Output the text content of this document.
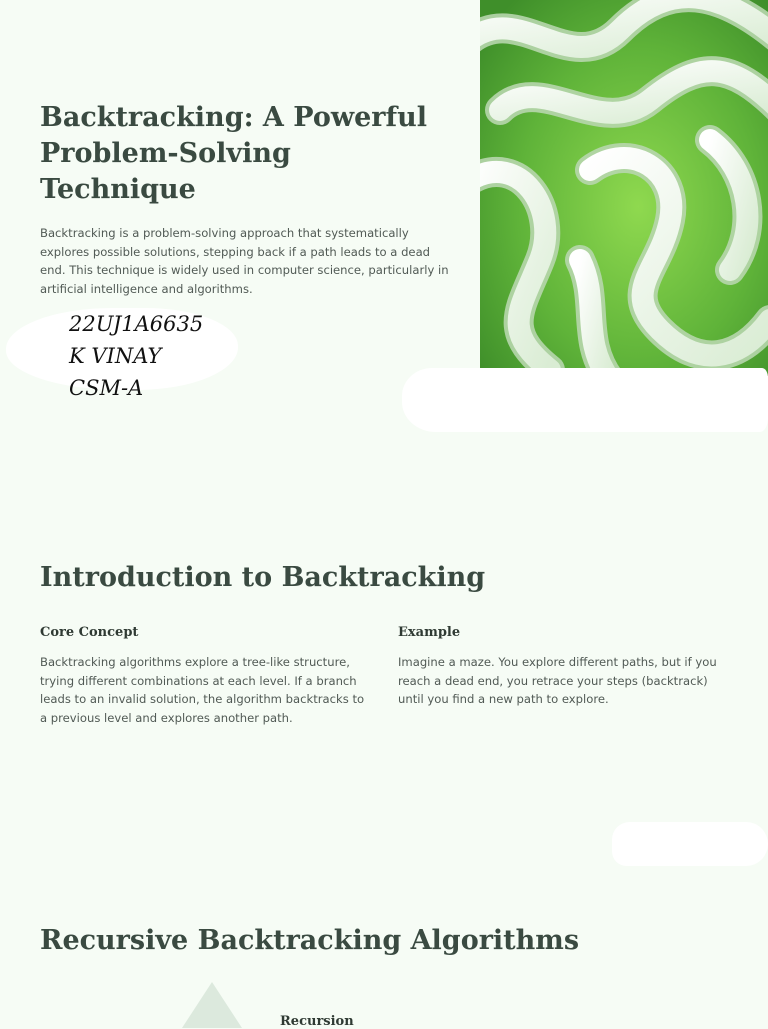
Backtracking: A Powerful Problem-Solving Technique

Backtracking is a problem-solving approach that systematically explores possible solutions, stepping back if a path leads to a dead end. This technique is widely used in computer science, particularly in artificial intelligence and algorithms.

22UJ1A6635
K VINAY
CSM-A
Introduction to Backtracking
Core Concept

Backtracking algorithms explore a tree-like structure, trying different combinations at each level. If a branch leads to an invalid solution, the algorithm backtracks to a previous level and explores another path.

Example

Imagine a maze. You explore different paths, but if you reach a dead end, you retrace your steps (backtrack) until you find a new path to explore.

Recursive Backtracking Algorithms
Recursion
